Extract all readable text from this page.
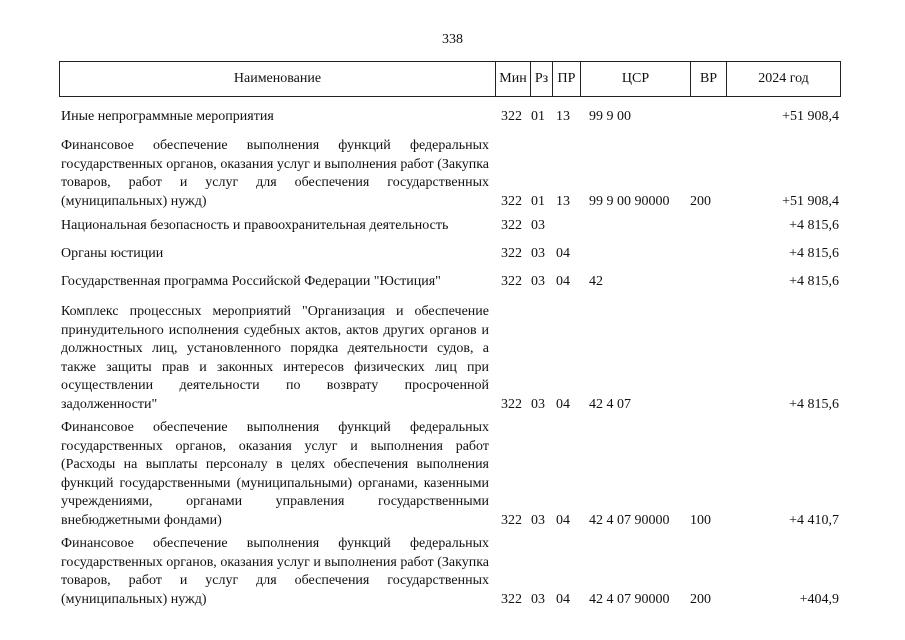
338
Наименование	Мин Рз ПР	ЦСР	ВР	2024 год
Иные непрограммные мероприятия	322 01 13 99 9 00	+51 908,4
Финансовое обеспечение выполнения функций федеральных государственных органов, оказания услуг и выполнения работ (Закупка товаров, работ и услуг для обеспечения государственных (муниципальных) нужд)	322 01 13 99 9 00 90000 200	+51 908,4
Национальная безопасность и правоохранительная деятельность	322 03	+4 815,6
Органы юстиции	322 03 04	+4 815,6
Государственная программа Российской Федерации "Юстиция"	322 03 04 42	+4 815,6
Комплекс процессных мероприятий "Организация и обеспечение принудительного исполнения судебных актов, актов других органов и должностных лиц, установленного порядка деятельности судов, а также защиты прав и законных интересов физических лиц при осуществлении деятельности по возврату просроченной задолженности"	322 03 04 42 4 07	+4 815,6
Финансовое обеспечение выполнения функций федеральных государственных органов, оказания услуг и выполнения работ (Расходы на выплаты персоналу в целях обеспечения выполнения функций государственными (муниципальными) органами, казенными учреждениями, органами управления государственными внебюджетными фондами)	322 03 04 42 4 07 90000 100	+4 410,7
Финансовое обеспечение выполнения функций федеральных государственных органов, оказания услуг и выполнения работ (Закупка товаров, работ и услуг для обеспечения государственных (муниципальных) нужд)	322 03 04 42 4 07 90000 200	+404,9
